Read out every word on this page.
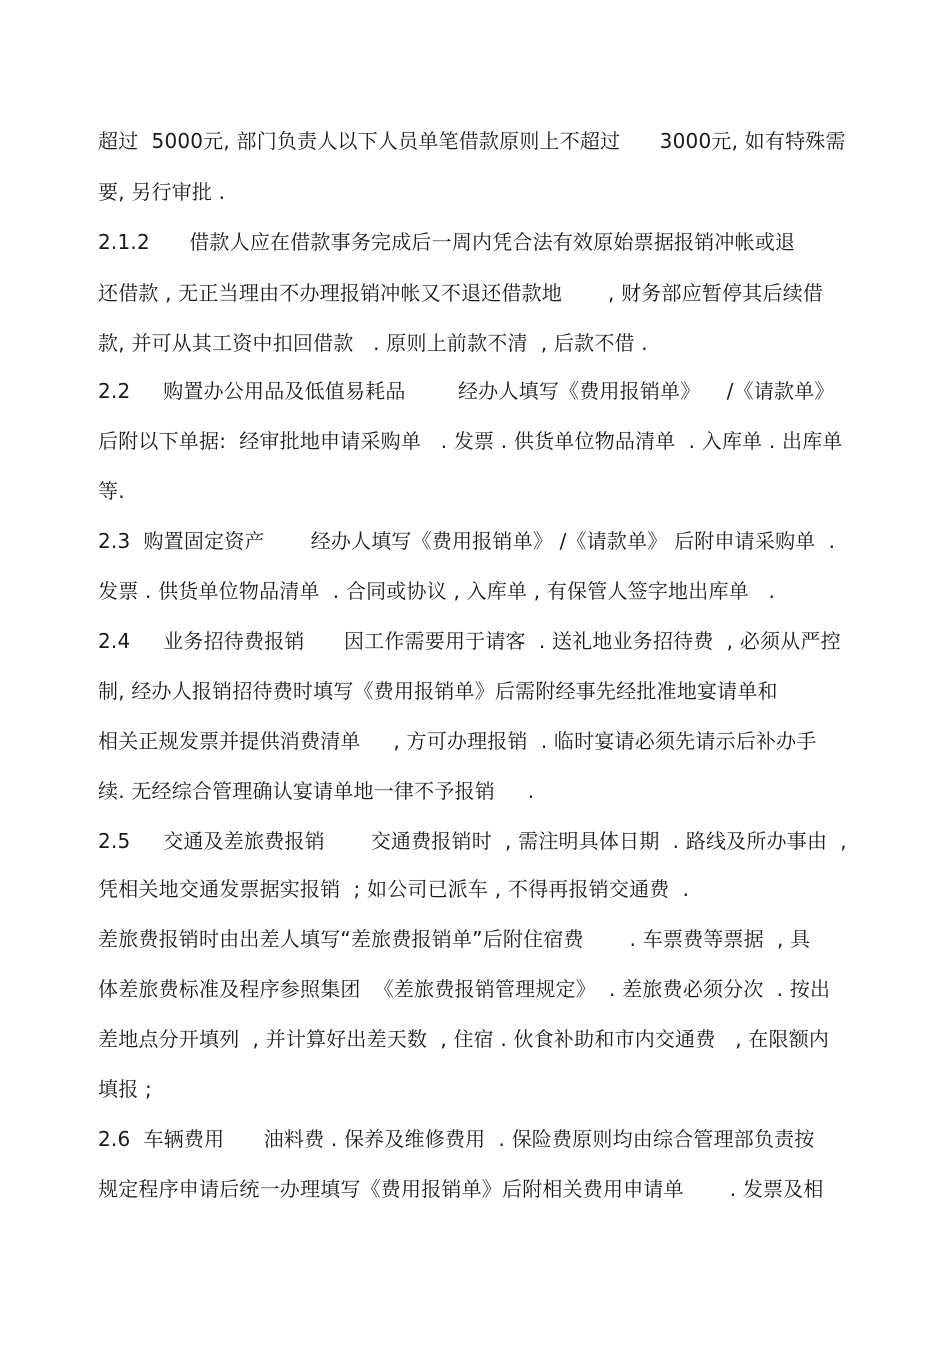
超过  5000元, 部门负责人以下人员单笔借款原则上不超过      3000元, 如有特殊需
要, 另行审批 .
2.1.2      借款人应在借款事务完成后一周内凭合法有效原始票据报销冲帐或退
还借款 , 无正当理由不办理报销冲帐又不退还借款地       , 财务部应暂停其后续借
款, 并可从其工资中扣回借款   . 原则上前款不清  , 后款不借 .
2.2     购置办公用品及低值易耗品        经办人填写《费用报销单》    /《请款单》
后附以下单据:  经审批地申请采购单   . 发票 . 供货单位物品清单  . 入库单 . 出库单
等.
2.3  购置固定资产       经办人填写《费用报销单》 /《请款单》 后附申请采购单  .
发票 . 供货单位物品清单  . 合同或协议 , 入库单 , 有保管人签字地出库单   .
2.4     业务招待费报销      因工作需要用于请客  . 送礼地业务招待费  , 必须从严控
制, 经办人报销招待费时填写《费用报销单》后需附经事先经批准地宴请单和
相关正规发票并提供消费清单     , 方可办理报销  . 临时宴请必须先请示后补办手
续. 无经综合管理确认宴请单地一律不予报销     .
2.5     交通及差旅费报销       交通费报销时  , 需注明具体日期  . 路线及所办事由  ,
凭相关地交通发票据实报销  ; 如公司已派车 , 不得再报销交通费  .
差旅费报销时由出差人填写“差旅费报销单”后附住宿费       . 车票费等票据  , 具
体差旅费标准及程序参照集团  《差旅费报销管理规定》  . 差旅费必须分次  . 按出
差地点分开填列  , 并计算好出差天数  , 住宿 . 伙食补助和市内交通费   , 在限额内
填报 ;
2.6  车辆费用      油料费 . 保养及维修费用  . 保险费原则均由综合管理部负责按
规定程序申请后统一办理填写《费用报销单》后附相关费用申请单       . 发票及相
